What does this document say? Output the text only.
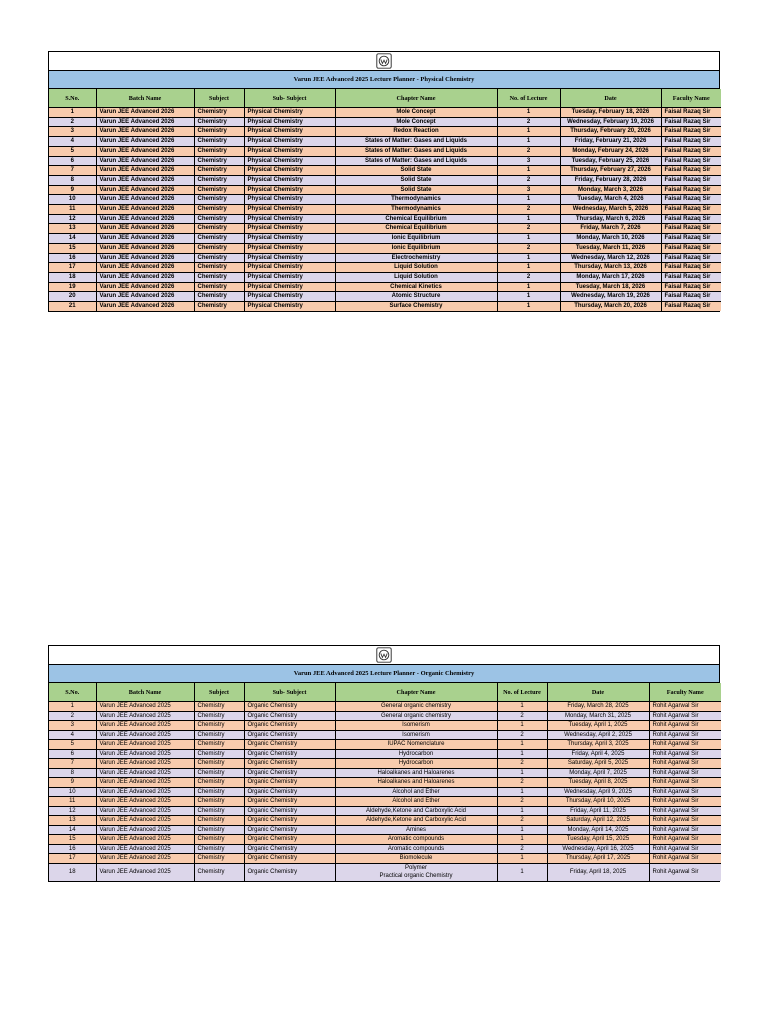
Varun JEE Advanced 2025 Lecture Planner - Physical Chemistry
S.No.	Batch Name	Subject	Sub- Subject	Chapter Name	No. of Lecture	Date	Faculty Name
1	Varun JEE Advanced 2026	Chemistry	Physical Chemistry	Mole Concept	1	Tuesday, February 18, 2026	Faisal Razaq Sir
2	Varun JEE Advanced 2026	Chemistry	Physical Chemistry	Mole Concept	2	Wednesday, February 19, 2026	Faisal Razaq Sir
3	Varun JEE Advanced 2026	Chemistry	Physical Chemistry	Redox Reaction	1	Thursday, February 20, 2026	Faisal Razaq Sir
4	Varun JEE Advanced 2026	Chemistry	Physical Chemistry	States of Matter: Gases and Liquids	1	Friday, February 21, 2026	Faisal Razaq Sir
5	Varun JEE Advanced 2026	Chemistry	Physical Chemistry	States of Matter: Gases and Liquids	2	Monday, February 24, 2026	Faisal Razaq Sir
6	Varun JEE Advanced 2026	Chemistry	Physical Chemistry	States of Matter: Gases and Liquids	3	Tuesday, February 25, 2026	Faisal Razaq Sir
7	Varun JEE Advanced 2026	Chemistry	Physical Chemistry	Solid State	1	Thursday, February 27, 2026	Faisal Razaq Sir
8	Varun JEE Advanced 2026	Chemistry	Physical Chemistry	Solid State	2	Friday, February 28, 2026	Faisal Razaq Sir
9	Varun JEE Advanced 2026	Chemistry	Physical Chemistry	Solid State	3	Monday, March 3, 2026	Faisal Razaq Sir
10	Varun JEE Advanced 2026	Chemistry	Physical Chemistry	Thermodynamics	1	Tuesday, March 4, 2026	Faisal Razaq Sir
11	Varun JEE Advanced 2026	Chemistry	Physical Chemistry	Thermodynamics	2	Wednesday, March 5, 2026	Faisal Razaq Sir
12	Varun JEE Advanced 2026	Chemistry	Physical Chemistry	Chemical Equilibrium	1	Thursday, March 6, 2026	Faisal Razaq Sir
13	Varun JEE Advanced 2026	Chemistry	Physical Chemistry	Chemical Equilibrium	2	Friday, March 7, 2026	Faisal Razaq Sir
14	Varun JEE Advanced 2026	Chemistry	Physical Chemistry	Ionic Equilibrium	1	Monday, March 10, 2026	Faisal Razaq Sir
15	Varun JEE Advanced 2026	Chemistry	Physical Chemistry	Ionic Equilibrium	2	Tuesday, March 11, 2026	Faisal Razaq Sir
16	Varun JEE Advanced 2026	Chemistry	Physical Chemistry	Electrochemistry	1	Wednesday, March 12, 2026	Faisal Razaq Sir
17	Varun JEE Advanced 2026	Chemistry	Physical Chemistry	Liquid Solution	1	Thursday, March 13, 2026	Faisal Razaq Sir
18	Varun JEE Advanced 2026	Chemistry	Physical Chemistry	Liquid Solution	2	Monday, March 17, 2026	Faisal Razaq Sir
19	Varun JEE Advanced 2026	Chemistry	Physical Chemistry	Chemical Kinetics	1	Tuesday, March 18, 2026	Faisal Razaq Sir
20	Varun JEE Advanced 2026	Chemistry	Physical Chemistry	Atomic Structure	1	Wednesday, March 19, 2026	Faisal Razaq Sir
21	Varun JEE Advanced 2026	Chemistry	Physical Chemistry	Surface Chemistry	1	Thursday, March 20, 2026	Faisal Razaq Sir
Varun JEE Advanced 2025 Lecture Planner - Organic Chemistry
S.No.	Batch Name	Subject	Sub- Subject	Chapter Name	No. of Lecture	Date	Faculty Name
1	Varun JEE Advanced 2025	Chemistry	Organic Chemistry	General organic chemistry	1	Friday, March 28, 2025	Rohit Agarwal Sir
2	Varun JEE Advanced 2025	Chemistry	Organic Chemistry	General organic chemistry	2	Monday, March 31, 2025	Rohit Agarwal Sir
3	Varun JEE Advanced 2025	Chemistry	Organic Chemistry	Isomerism	1	Tuesday, April 1, 2025	Rohit Agarwal Sir
4	Varun JEE Advanced 2025	Chemistry	Organic Chemistry	Isomerism	2	Wednesday, April 2, 2025	Rohit Agarwal Sir
5	Varun JEE Advanced 2025	Chemistry	Organic Chemistry	IUPAC Nomenclature	1	Thursday, April 3, 2025	Rohit Agarwal Sir
6	Varun JEE Advanced 2025	Chemistry	Organic Chemistry	Hydrocarbon	1	Friday, April 4, 2025	Rohit Agarwal Sir
7	Varun JEE Advanced 2025	Chemistry	Organic Chemistry	Hydrocarbon	2	Saturday, April 5, 2025	Rohit Agarwal Sir
8	Varun JEE Advanced 2025	Chemistry	Organic Chemistry	Haloalkanes and Haloarenes	1	Monday, April 7, 2025	Rohit Agarwal Sir
9	Varun JEE Advanced 2025	Chemistry	Organic Chemistry	Haloalkanes and Haloarenes	2	Tuesday, April 8, 2025	Rohit Agarwal Sir
10	Varun JEE Advanced 2025	Chemistry	Organic Chemistry	Alcohol and Ether	1	Wednesday, April 9, 2025	Rohit Agarwal Sir
11	Varun JEE Advanced 2025	Chemistry	Organic Chemistry	Alcohol and Ether	2	Thursday, April 10, 2025	Rohit Agarwal Sir
12	Varun JEE Advanced 2025	Chemistry	Organic Chemistry	Aldehyde,Ketone and Carboxylic Acid	1	Friday, April 11, 2025	Rohit Agarwal Sir
13	Varun JEE Advanced 2025	Chemistry	Organic Chemistry	Aldehyde,Ketone and Carboxylic Acid	2	Saturday, April 12, 2025	Rohit Agarwal Sir
14	Varun JEE Advanced 2025	Chemistry	Organic Chemistry	Amines	1	Monday, April 14, 2025	Rohit Agarwal Sir
15	Varun JEE Advanced 2025	Chemistry	Organic Chemistry	Aromatic compounds	1	Tuesday, April 15, 2025	Rohit Agarwal Sir
16	Varun JEE Advanced 2025	Chemistry	Organic Chemistry	Aromatic compounds	2	Wednesday, April 16, 2025	Rohit Agarwal Sir
17	Varun JEE Advanced 2025	Chemistry	Organic Chemistry	Biomolecule	1	Thursday, April 17, 2025	Rohit Agarwal Sir
18	Varun JEE Advanced 2025	Chemistry	Organic Chemistry	Polymer
Practical organic Chemistry	1	Friday, April 18, 2025	Rohit Agarwal Sir
